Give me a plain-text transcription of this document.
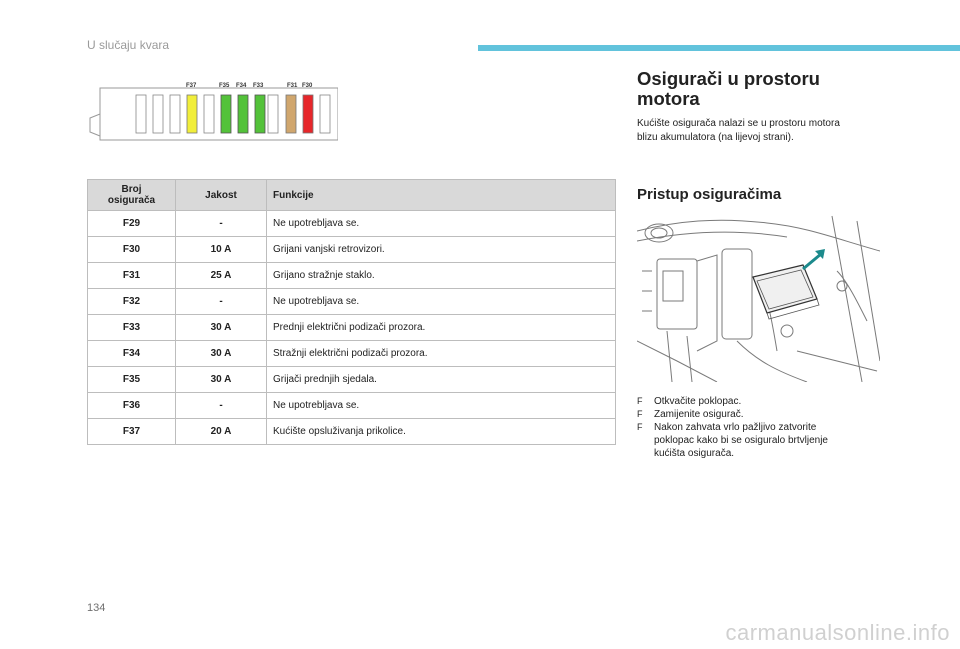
U slučaju kvara
F37	F35 F34 F33	F31 F30
Broj
osigurača	Jakost	Funkcije
F29	-	Ne upotrebljava se.
F30	10 A	Grijani vanjski retrovizori.
F31	25 A	Grijano stražnje staklo.
F32	-	Ne upotrebljava se.
F33	30 A	Prednji električni podizači prozora.
F34	30 A	Stražnji električni podizači prozora.
F35	30 A	Grijači prednjih sjedala.
F36	-	Ne upotrebljava se.
F37	20 A	Kućište opsluživanja prikolice.
Osigurači u prostoru
motora
Kućište osigurača nalazi se u prostoru motora
blizu akumulatora (na lijevoj strani).
Pristup osiguračima
F Otkvačite poklopac.
F Zamijenite osigurač.
F Nakon zahvata vrlo pažljivo zatvorite
poklopac kako bi se osiguralo brtvljenje
kućišta osigurača.
134
carmanualsonline.info
